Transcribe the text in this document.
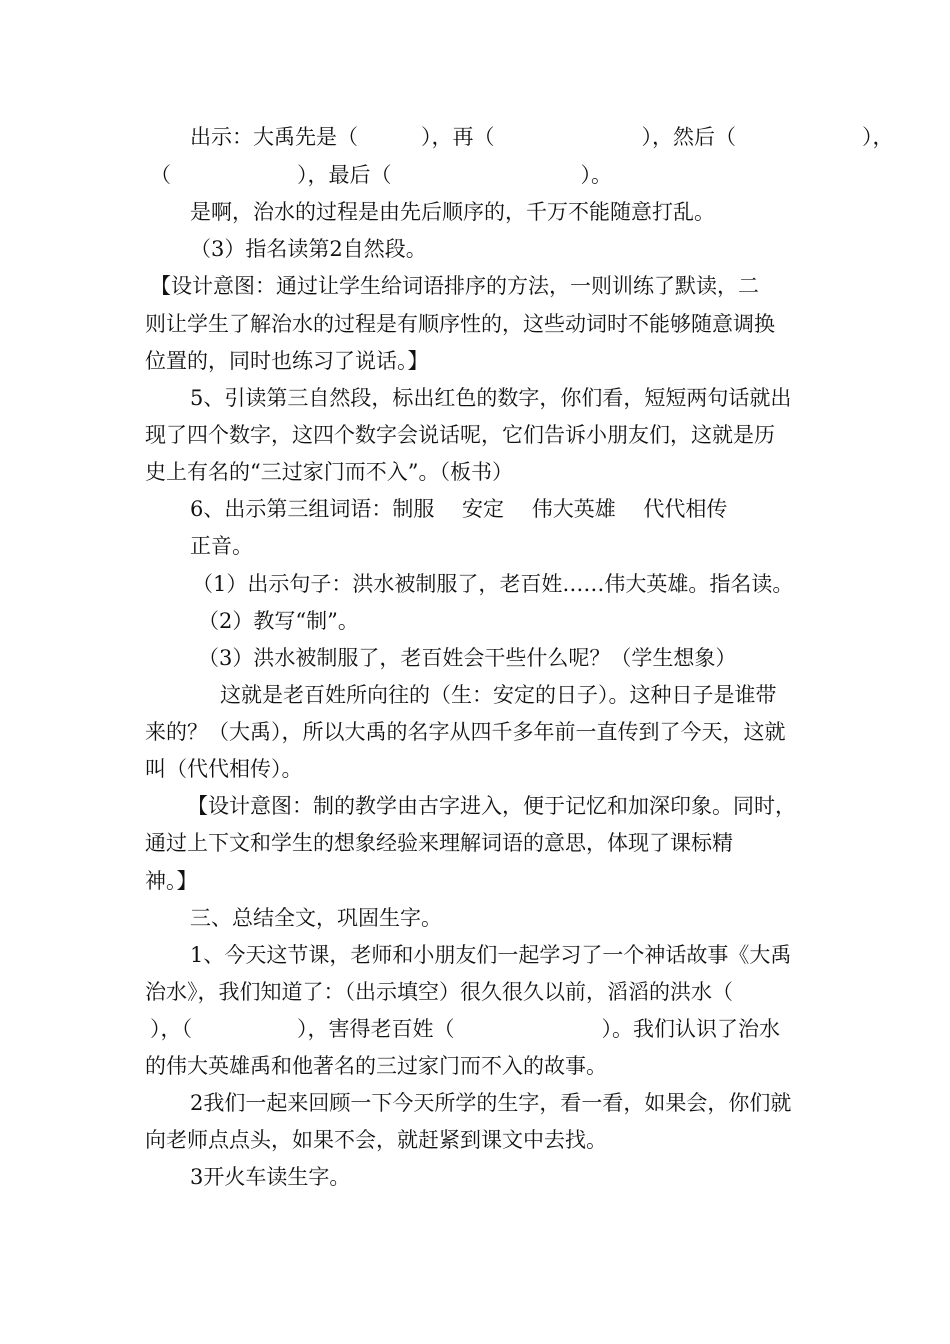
出示：大禹先是（　　　），再（　　　　　　　），然后（　　　　　　），
（　　　　　　），最后（　　　　　　　　　）。
是啊，治水的过程是由先后顺序的，千万不能随意打乱。
（3）指名读第2自然段。
【设计意图：通过让学生给词语排序的方法，一则训练了默读，二
则让学生了解治水的过程是有顺序性的，这些动词时不能够随意调换
位置的，同时也练习了说话。】
5、引读第三自然段，标出红色的数字，你们看，短短两句话就出
现了四个数字，这四个数字会说话呢，它们告诉小朋友们，这就是历
史上有名的“三过家门而不入”。（板书）
6、出示第三组词语：制服　 安定　 伟大英雄　 代代相传
正音。
（1）出示句子：洪水被制服了，老百姓……伟大英雄。指名读。
（2）教写“制”。
（3）洪水被制服了，老百姓会干些什么呢？（学生想象）
这就是老百姓所向往的（生：安定的日子）。这种日子是谁带
来的？（大禹），所以大禹的名字从四千多年前一直传到了今天，这就
叫（代代相传）。
【设计意图：制的教学由古字进入，便于记忆和加深印象。同时，
通过上下文和学生的想象经验来理解词语的意思，体现了课标精
神。】
三、总结全文，巩固生字。
1、今天这节课，老师和小朋友们一起学习了一个神话故事《大禹
治水》，我们知道了：（出示填空）很久很久以前，滔滔的洪水（
），（　　　　　），害得老百姓（　　　　　　　）。我们认识了治水
的伟大英雄禹和他著名的三过家门而不入的故事。
2我们一起来回顾一下今天所学的生字，看一看，如果会，你们就
向老师点点头，如果不会，就赶紧到课文中去找。
3开火车读生字。
